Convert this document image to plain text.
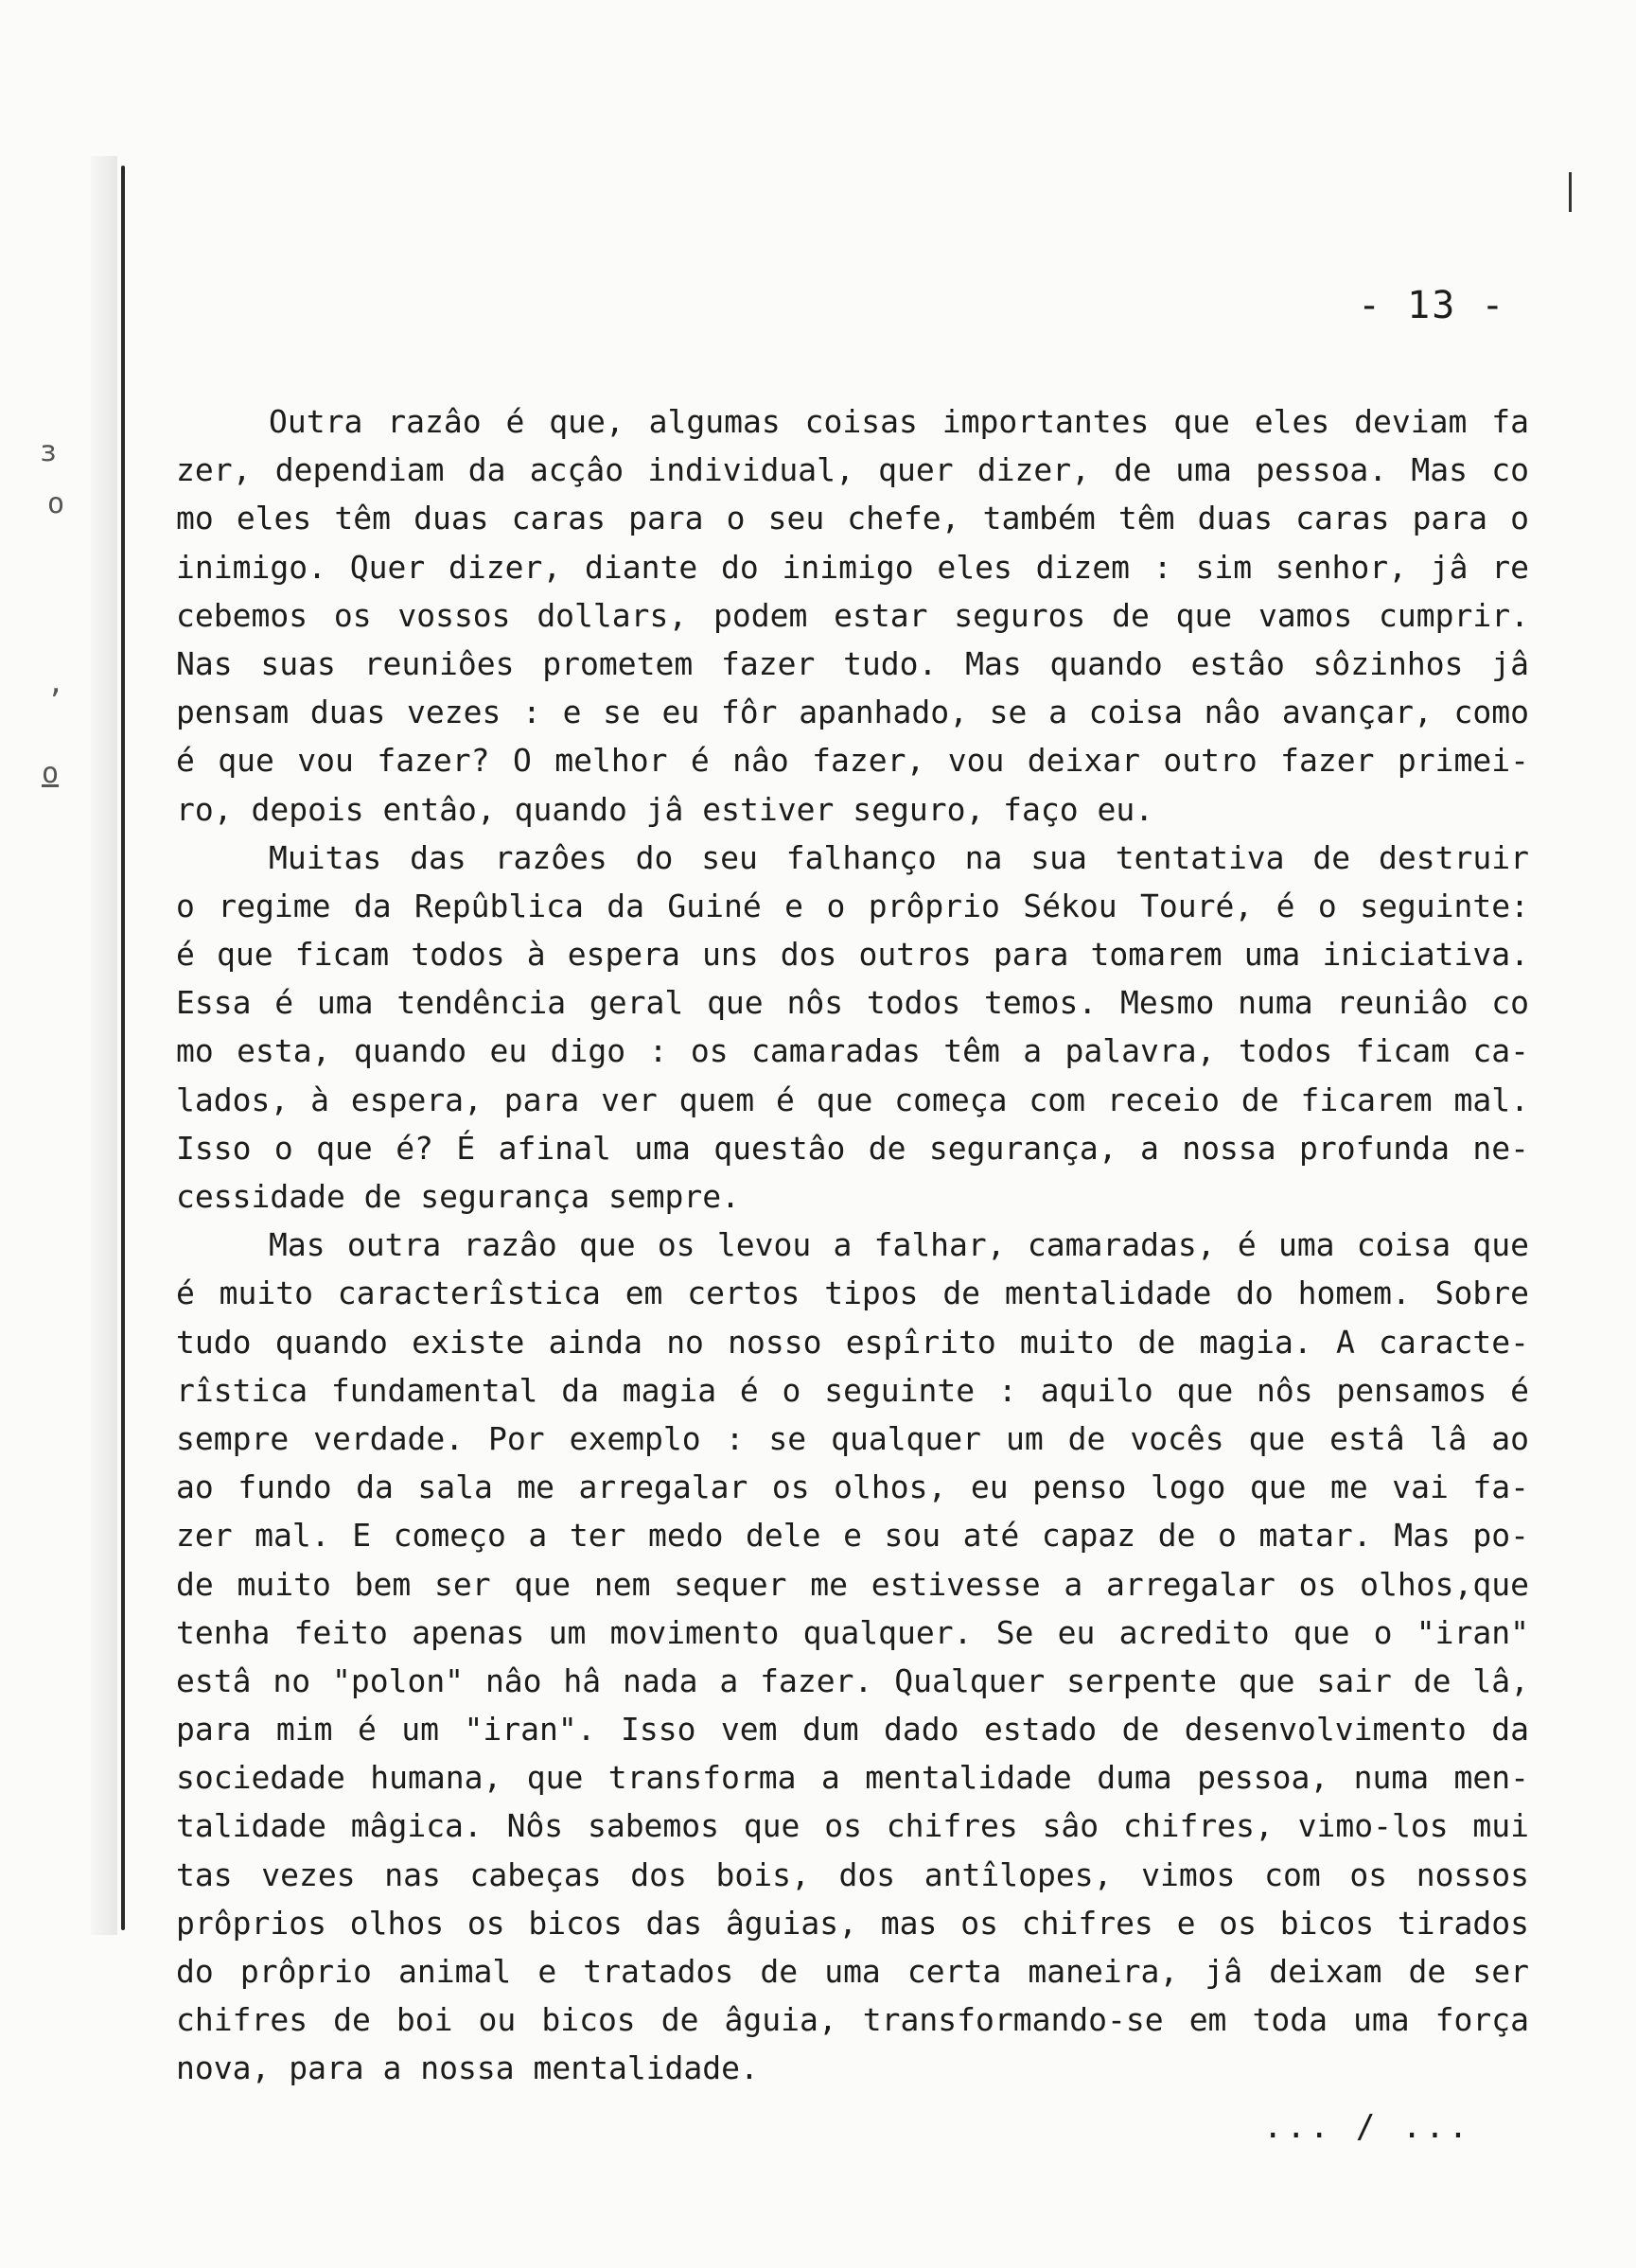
ɜ
o
,
o
- 13 -
Outra razâo é que, algumas coisas importantes que eles deviam fa
zer, dependiam da acçâo individual, quer dizer, de uma pessoa. Mas co
mo eles têm duas caras para o seu chefe, também têm duas caras para o
inimigo. Quer dizer, diante do inimigo eles dizem : sim senhor, jâ re
cebemos os vossos dollars, podem estar seguros de que vamos cumprir.
Nas suas reuniôes prometem fazer tudo. Mas quando estâo sôzinhos jâ
pensam duas vezes : e se eu fôr apanhado, se a coisa nâo avançar, como
é que vou fazer? O melhor é nâo fazer, vou deixar outro fazer primei-
ro, depois entâo, quando jâ estiver seguro, faço eu.
Muitas das razôes do seu falhanço na sua tentativa de destruir
o regime da Repûblica da Guiné e o prôprio Sékou Touré, é o seguinte:
é que ficam todos à espera uns dos outros para tomarem uma iniciativa.
Essa é uma tendência geral que nôs todos temos. Mesmo numa reuniâo co
mo esta, quando eu digo : os camaradas têm a palavra, todos ficam ca-
lados, à espera, para ver quem é que começa com receio de ficarem mal.
Isso o que é? É afinal uma questâo de segurança, a nossa profunda ne-
cessidade de segurança sempre.
Mas outra razâo que os levou a falhar, camaradas, é uma coisa que
é muito caracterîstica em certos tipos de mentalidade do homem. Sobre
tudo quando existe ainda no nosso espîrito muito de magia. A caracte-
rîstica fundamental da magia é o seguinte : aquilo que nôs pensamos é
sempre verdade. Por exemplo : se qualquer um de vocês que estâ lâ ao
ao fundo da sala me arregalar os olhos, eu penso logo que me vai fa-
zer mal. E começo a ter medo dele e sou até capaz de o matar. Mas po-
de muito bem ser que nem sequer me estivesse a arregalar os olhos,que
tenha feito apenas um movimento qualquer. Se eu acredito que o "iran"
estâ no "polon" nâo hâ nada a fazer. Qualquer serpente que sair de lâ,
para mim é um "iran". Isso vem dum dado estado de desenvolvimento da
sociedade humana, que transforma a mentalidade duma pessoa, numa men-
talidade mâgica. Nôs sabemos que os chifres sâo chifres, vimo-los mui
tas vezes nas cabeças dos bois, dos antîlopes, vimos com os nossos
prôprios olhos os bicos das âguias, mas os chifres e os bicos tirados
do prôprio animal e tratados de uma certa maneira, jâ deixam de ser
chifres de boi ou bicos de âguia, transformando-se em toda uma força
nova, para a nossa mentalidade.
... / ...
